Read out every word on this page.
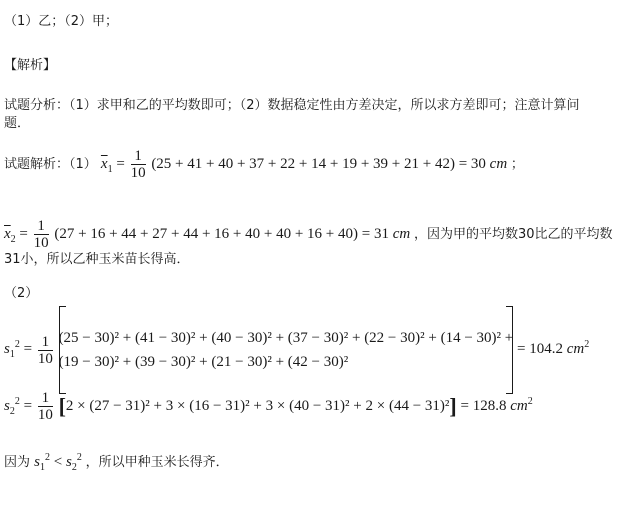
（1）乙；（2）甲；
【解析】
试题分析：（1）求甲和乙的平均数即可；（2）数据稳定性由方差决定，所以求方差即可；注意计算问
题．
试题解析：（1） $\overline{x}_1 = \frac{1}{10} (25 + 41 + 40 + 37 + 22 + 14 + 19 + 39 + 21 + 42) = 30$ cm ；
$\overline{x}_2 = \frac{1}{10} (27 + 16 + 44 + 27 + 44 + 16 + 40 + 40 + 16 + 40) = 31$ cm ，因为甲的平均数30比乙的平均数
31小，所以乙种玉米苗长得高．
（2）
$s_1^2 = \frac{1}{10}$
(25 − 30)² + (41 − 30)² + (40 − 30)² + (37 − 30)² + (22 − 30)² + (14 − 30)² +
(19 − 30)² + (39 − 30)² + (21 − 30)² + (42 − 30)²
= 104.2 $cm^2$
$s_2^2 = \frac{1}{10} [2 \times (27 - 31)^2 + 3 \times (16 - 31)^2 + 3 \times (40 - 31)^2 + 2 \times (44 - 31)^2] = 128.8$ $cm^2$
因为 $s_1^2 < s_2^2$ ，所以甲种玉米长得齐．
